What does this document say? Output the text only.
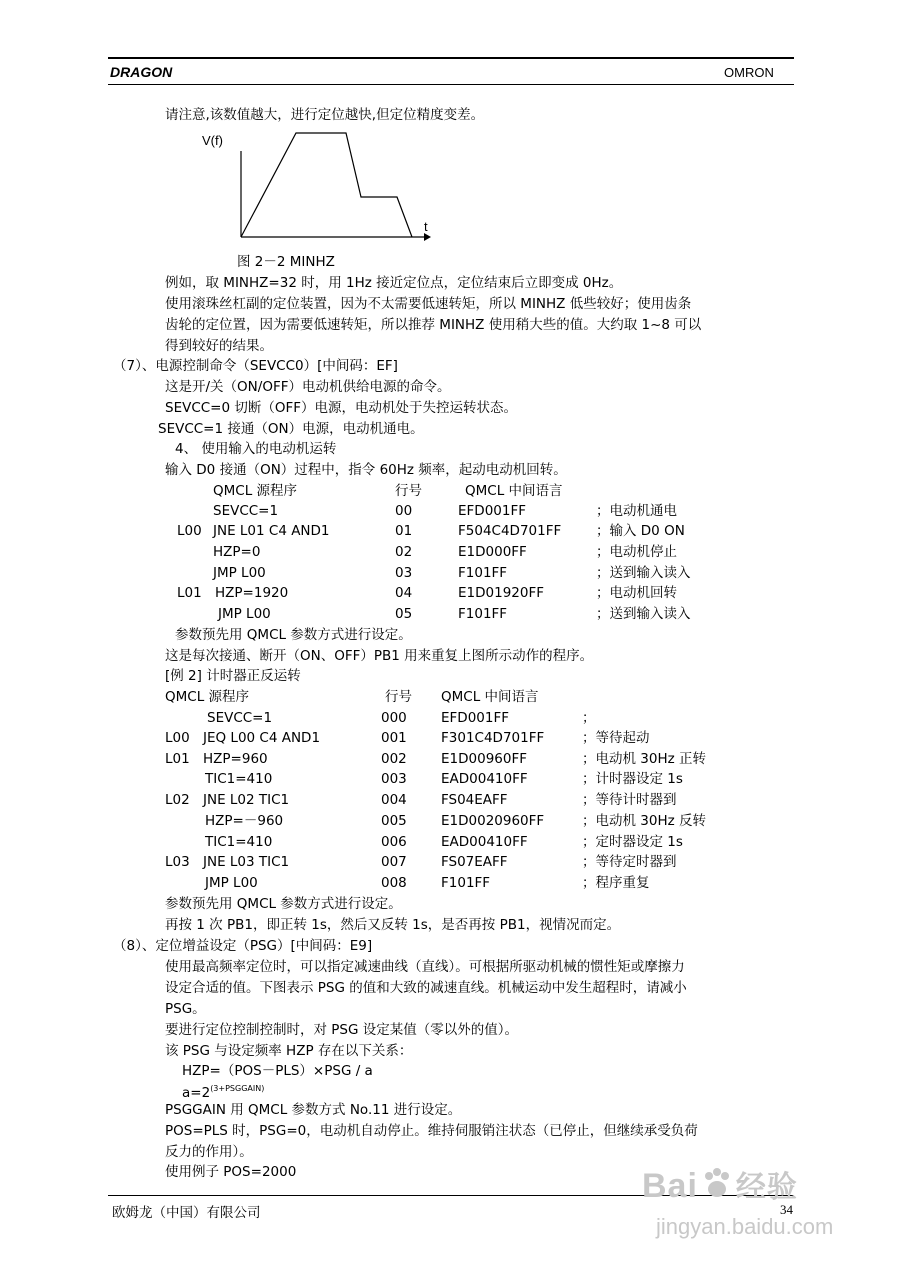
DRAGON	OMRON
请注意,该数值越大，进行定位越快,但定位精度变差。
V(f)
t
图 2－2 MINHZ
例如，取 MINHZ=32 时，用 1Hz 接近定位点，定位结束后立即变成 0Hz。
使用滚珠丝杠副的定位装置，因为不太需要低速转矩，所以 MINHZ 低些较好；使用齿条
齿轮的定位置，因为需要低速转矩，所以推荐 MINHZ 使用稍大些的值。大约取 1~8 可以
得到较好的结果。
（7）、电源控制命令（SEVCC0）[中间码：EF]
这是开/关（ON/OFF）电动机供给电源的命令。
SEVCC=0 切断（OFF）电源，电动机处于失控运转状态。
SEVCC=1 接通（ON）电源，电动机通电。
4、 使用输入的电动机运转
输入 D0 接通（ON）过程中，指令 60Hz 频率，起动电动机回转。
QMCL 源程序	行号	QMCL 中间语言
SEVCC=1	00	EFD001FF	；电动机通电
L00 JNE L01 C4 AND1	01	F504C4D701FF	；输入 D0 ON
HZP=0	02	E1D000FF	；电动机停止
JMP L00	03	F101FF	；送到输入读入
L01 HZP=1920	04	E1D01920FF	；电动机回转
JMP L00	05	F101FF	；送到输入读入
参数预先用 QMCL 参数方式进行设定。
这是每次接通、断开（ON、OFF）PB1 用来重复上图所示动作的程序。
[例 2] 计时器正反运转
QMCL 源程序	行号 QMCL 中间语言
SEVCC=1	000	EFD001FF	；
L00 JEQ L00 C4 AND1	001	F301C4D701FF	；等待起动
L01 HZP=960	002	E1D00960FF	；电动机 30Hz 正转
TIC1=410	003	EAD00410FF	；计时器设定 1s
L02 JNE L02 TIC1	004	FS04EAFF	；等待计时器到
HZP=－960	005	E1D0020960FF	；电动机 30Hz 反转
TIC1=410	006	EAD00410FF	；定时器设定 1s
L03 JNE L03 TIC1	007	FS07EAFF	；等待定时器到
JMP L00	008	F101FF	；程序重复
参数预先用 QMCL 参数方式进行设定。
再按 1 次 PB1，即正转 1s，然后又反转 1s，是否再按 PB1，视情况而定。
（8）、定位增益设定（PSG）[中间码：E9]
使用最高频率定位时，可以指定减速曲线（直线）。可根据所驱动机械的惯性矩或摩擦力
设定合适的值。下图表示 PSG 的值和大致的减速直线。机械运动中发生超程时，请减小
PSG。
要进行定位控制控制时，对 PSG 设定某值（零以外的值）。
该 PSG 与设定频率 HZP 存在以下关系：
HZP=（POS－PLS）×PSG / a
$a=2^{(3+PSGGAIN)}$
PSGGAIN 用 QMCL 参数方式 No.11 进行设定。
POS=PLS 时，PSG=0，电动机自动停止。维持伺服销注状态（已停止，但继续承受负荷
反力的作用）。
使用例子 POS=2000
欧姆龙（中国）有限公司	34
Bai 经验
jingyan.baidu.com
